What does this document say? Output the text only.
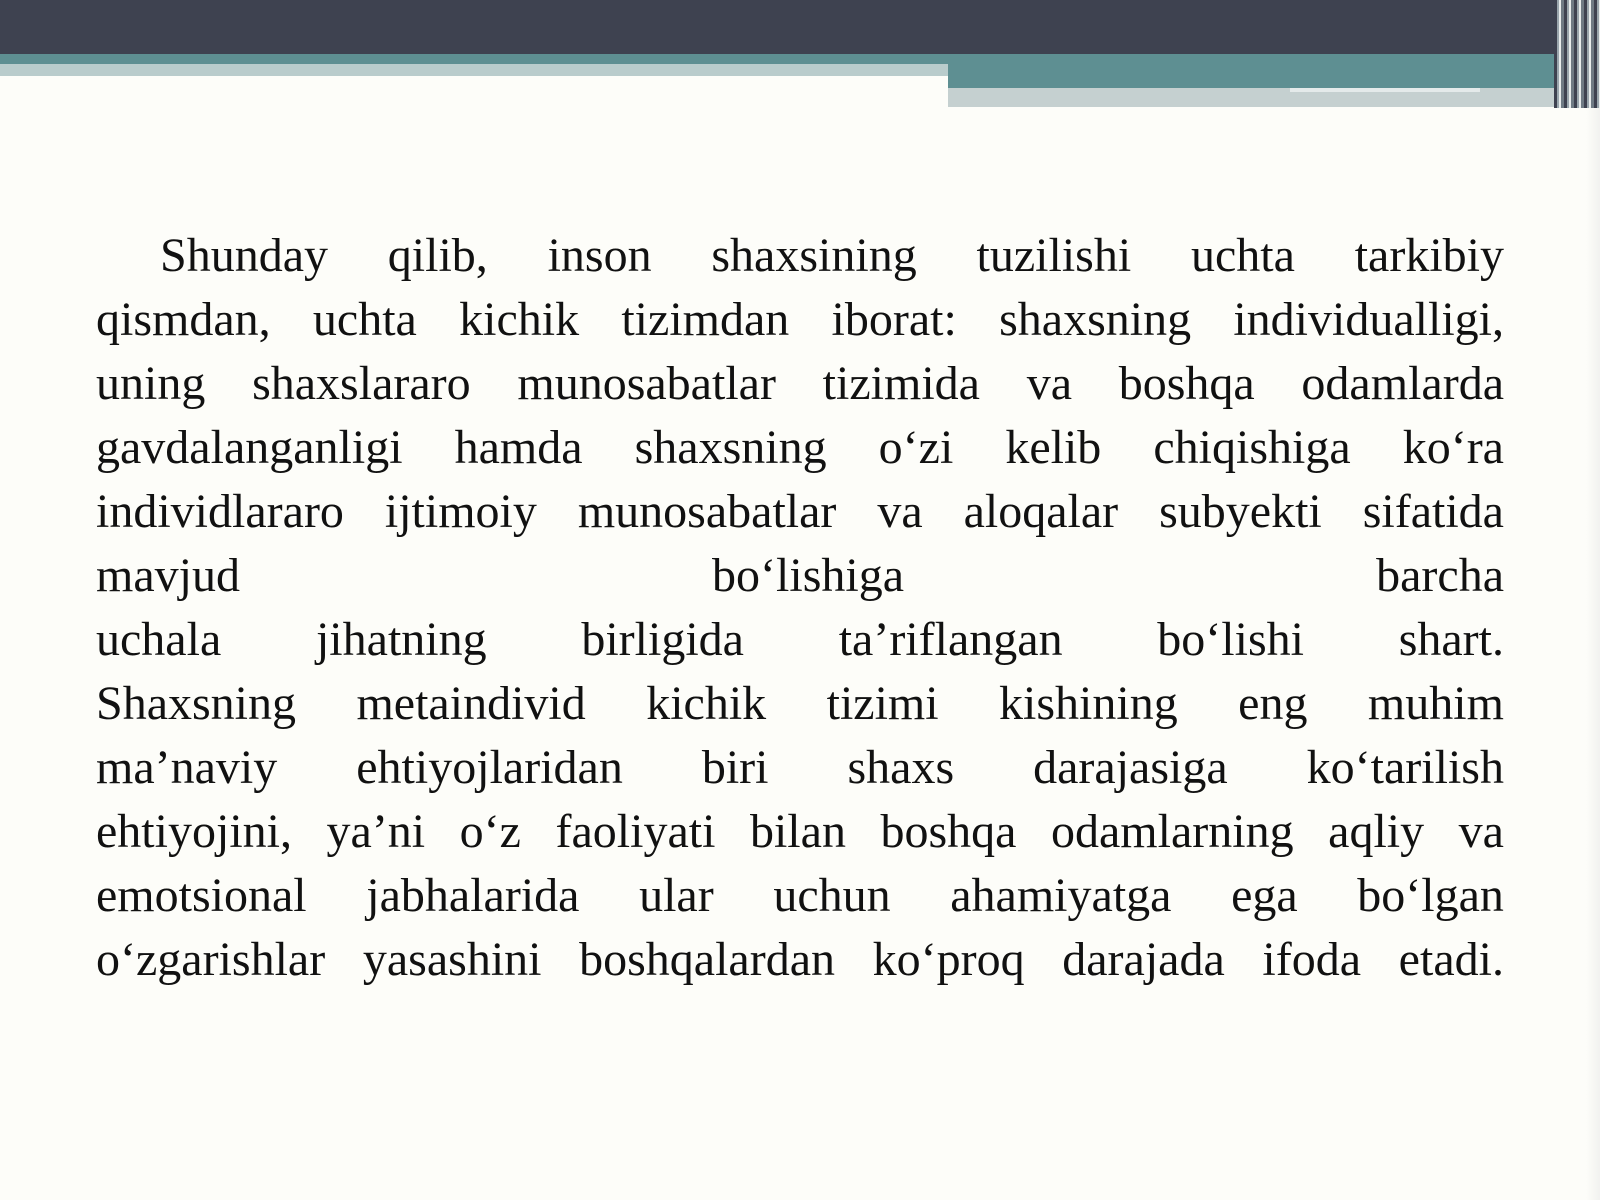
Shunday qilib, inson shaxsining tuzilishi uchta tarkibiy
qismdan, uchta kichik tizimdan iborat: shaxsning individualligi,
uning shaxslararo munosabatlar tizimida va boshqa odamlarda
gavdalanganligi hamda shaxsning o‘zi kelib chiqishiga ko‘ra
individlararo ijtimoiy munosabatlar va aloqalar subyekti sifatida
mavjud	bo‘lishiga	barcha
uchala jihatning birligida ta’riflangan bo‘lishi shart.
Shaxsning metaindivid kichik tizimi kishining eng muhim
ma’naviy ehtiyojlaridan biri shaxs darajasiga ko‘tarilish
ehtiyojini, ya’ni o‘z faoliyati bilan boshqa odamlarning aqliy va
emotsional jabhalarida ular uchun ahamiyatga ega bo‘lgan
o‘zgarishlar yasashini boshqalardan ko‘proq darajada ifoda etadi.
